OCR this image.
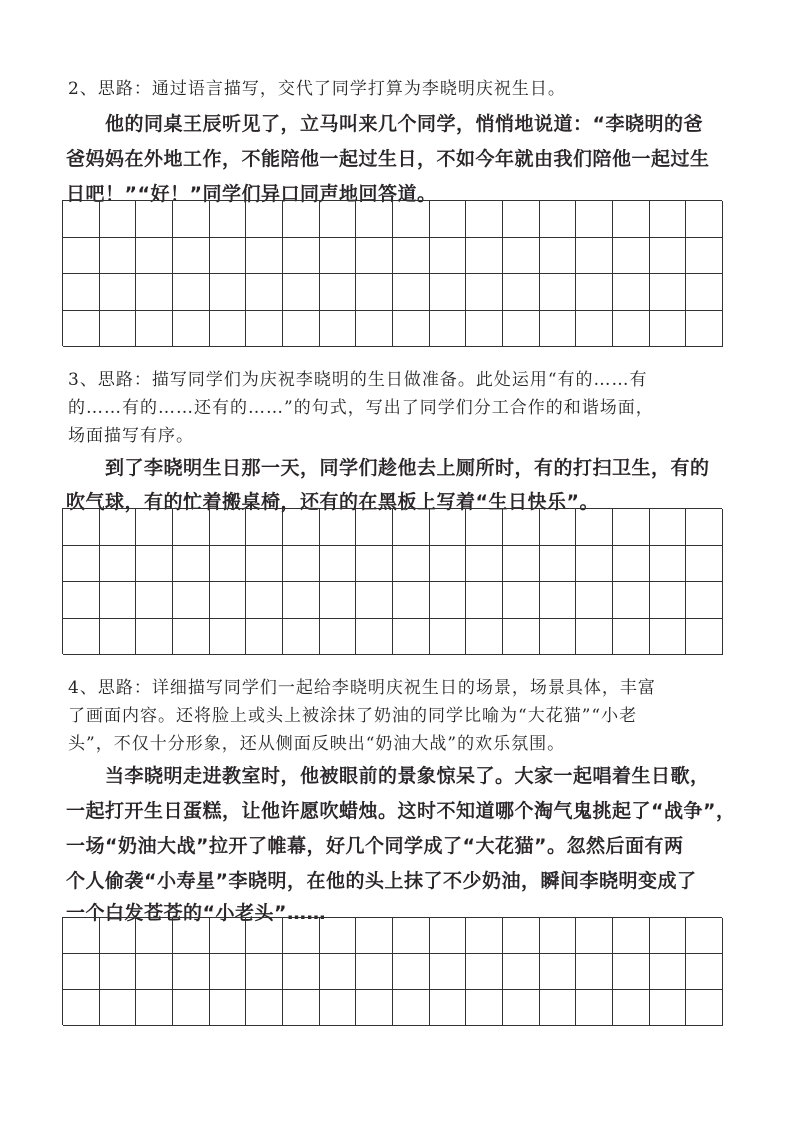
2、思路：通过语言描写，交代了同学打算为李晓明庆祝生日。
他的同桌王辰听见了，立马叫来几个同学，悄悄地说道：“李晓明的爸
爸妈妈在外地工作，不能陪他一起过生日，不如今年就由我们陪他一起过生
日吧！”“好！”同学们异口同声地回答道。
3、思路：描写同学们为庆祝李晓明的生日做准备。此处运用“有的……有
的……有的……还有的……”的句式，写出了同学们分工合作的和谐场面，
场面描写有序。
到了李晓明生日那一天，同学们趁他去上厕所时，有的打扫卫生，有的
吹气球，有的忙着搬桌椅，还有的在黑板上写着“生日快乐”。
4、思路：详细描写同学们一起给李晓明庆祝生日的场景，场景具体，丰富
了画面内容。还将脸上或头上被涂抹了奶油的同学比喻为“大花猫”“小老
头”，不仅十分形象，还从侧面反映出“奶油大战”的欢乐氛围。
当李晓明走进教室时，他被眼前的景象惊呆了。大家一起唱着生日歌，
一起打开生日蛋糕，让他许愿吹蜡烛。这时不知道哪个淘气鬼挑起了“战争”，
一场“奶油大战”拉开了帷幕，好几个同学成了“大花猫”。忽然后面有两
个人偷袭“小寿星”李晓明，在他的头上抹了不少奶油，瞬间李晓明变成了
一个白发苍苍的“小老头”……
